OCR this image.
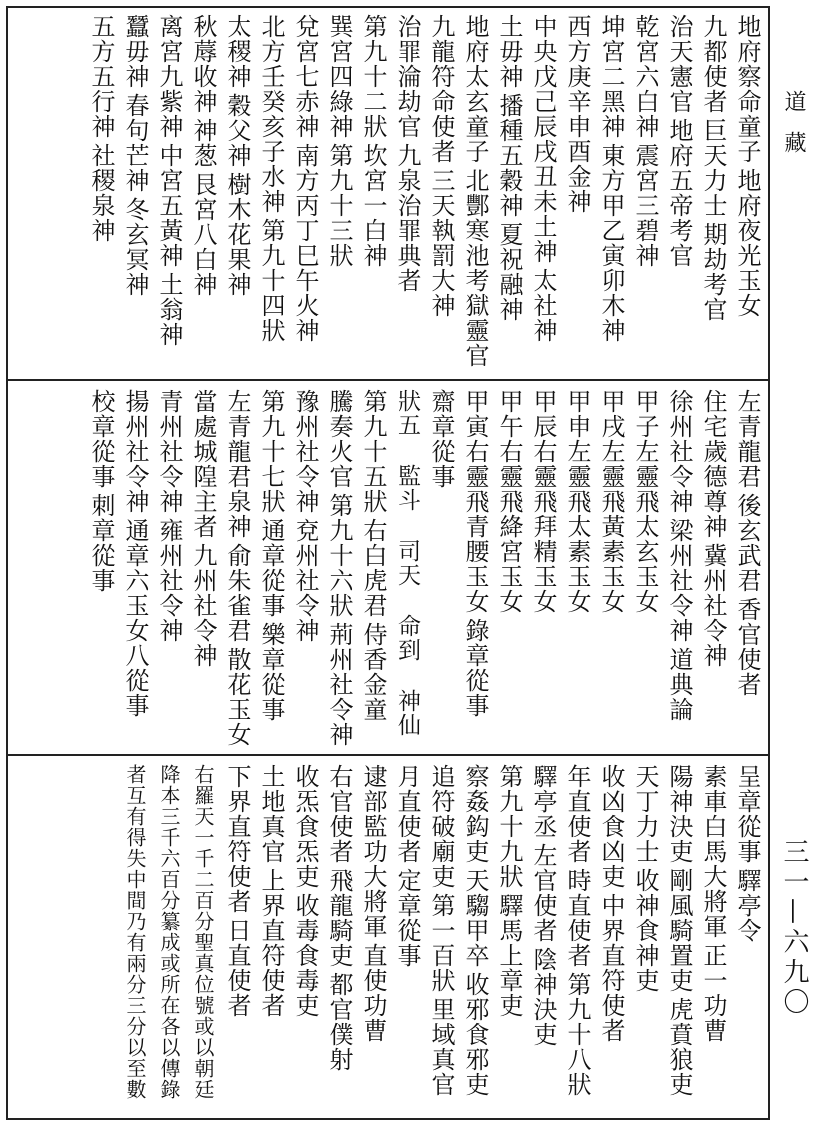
道 藏
三一—六九〇
地府察命童子
地府夜光玉女
九都使者
巨天力士
期劫考官
治天憲官
地府五帝考官
乾宮六白神
震宮三碧神
坤宮二黑神
東方甲乙寅卯木神
西方庚辛申酉金神
中央戊己辰戌丑未土神
太社神
土毋神
播種五穀神
夏祝融神
地府太玄童子
北酆寒池考獄靈官
九龍符命使者
三天執罰大神
治罪淪劫官
九泉治罪典者
第九十二狀
坎宮一白神
巽宮四綠神
第九十三狀
兌宮七赤神
南方丙丁巳午火神
北方壬癸亥子水神
第九十四狀
太稷神
穀父神
樹木花果神
秋蓐收神
神葱
艮宮八白神
离宮九紫神
中宮五黃神
土翁神
蠶毋神
春句芒神
冬玄冥神
五方五行神
社稷泉神
左青龍君
後玄武君
香官使者
住宅歲德尊神
冀州社令神
徐州社令神
梁州社令神
道典論
甲子左靈飛太玄玉女
甲戌左靈飛黃素玉女
甲申左靈飛太素玉女
甲辰右靈飛拜精玉女
甲午右靈飛絳宮玉女
甲寅右靈飛青腰玉女
錄章從事
齋章從事
狀五 監斗 司天 命到 神仙
第九十五狀
右白虎君
侍香金童
騰奏火官
第九十六狀
荊州社令神
豫州社令神
兗州社令神
第九十七狀
通章從事
樂章從事
左青龍君泉神
俞朱雀君
散花玉女
當處城隍主者
九州社令神
青州社令神
雍州社令神
揚州社令神
通章六玉女八從事
校章從事
刺章從事
呈章從事
驛亭令
素車白馬大將軍
正一功曹
陽神決吏
剛風騎置吏
虎賁狼吏
天丁力士
收神食神吏
收凶食凶吏
中界直符使者
年直使者
時直使者
第九十八狀
驛亭丞
左官使者
陰神決吏
第九十九狀
驛馬上章吏
察姦鈎吏
天騶甲卒
收邪食邪吏
追符破廟吏
第一百狀
里域真官
月直使者
定章從事
逮部監功大將軍
直使功曹
右官使者
飛龍騎吏
都官僕射
收炁食炁吏
收毒食毒吏
土地真官
上界直符使者
下界直符使者
日直使者
右羅天一千二百分聖真位號或以朝廷
降本三千六百分纂成或所在各以傳錄
者互有得失中間乃有兩分三分以至數
